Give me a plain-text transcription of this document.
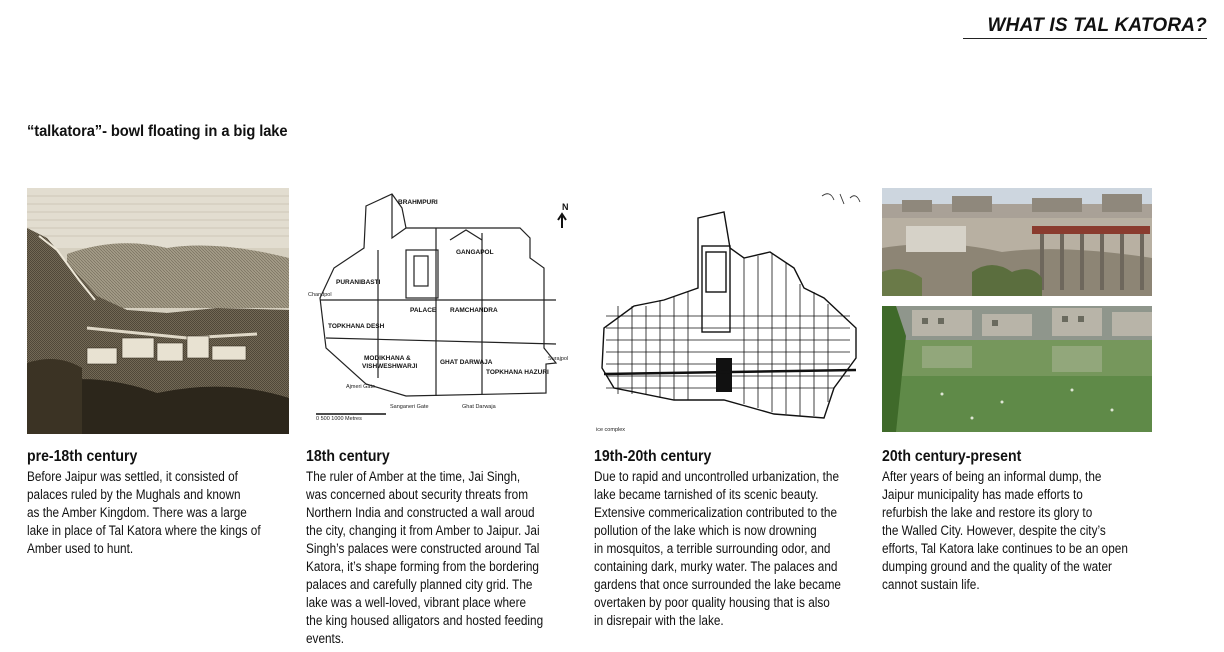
WHAT IS TAL KATORA?
“talkatora”- bowl floating in a big lake
pre-18th century
Before Jaipur was settled, it consisted of
palaces ruled by the Mughals and known
as the Amber Kingdom. There was a large
lake in place of Tal Katora where the kings of
Amber used to hunt.
N
BRAHMPURI
GANGAPOL
PURANIBASTI
PALACE RAMCHANDRA
TOPKHANA DESH
MODIKHANA &
VISHWESHWARJI
GHAT DARWAJA
TOPKHANA HAZURI
Chandpol
Surajpol
Sanganeri Gate
Ajmeri Gate
Ghat Darwaja
0 500 1000 Metres
18th century
The ruler of Amber at the time, Jai Singh,
was concerned about security threats from
Northern India and constructed a wall aroud
the city, changing it from Amber to Jaipur. Jai
Singh’s palaces were constructed around Tal
Katora, it’s shape forming from the bordering
palaces and carefully planned city grid. The
lake was a well-loved, vibrant place where
the king housed alligators and hosted feeding
events.
ice complex
19th-20th century
Due to rapid and uncontrolled urbanization, the
lake became tarnished of its scenic beauty.
Extensive commericalization contributed to the
pollution of the lake which is now drowning
in mosquitos, a terrible surrounding odor, and
containing dark, murky water. The palaces and
gardens that once surrounded the lake became
overtaken by poor quality housing that is also
in disrepair with the lake.
20th century-present
After years of being an informal dump, the
Jaipur municipality has made efforts to
refurbish the lake and restore its glory to
the Walled City. However, despite the city’s
efforts, Tal Katora lake continues to be an open
dumping ground and the quality of the water
cannot sustain life.
